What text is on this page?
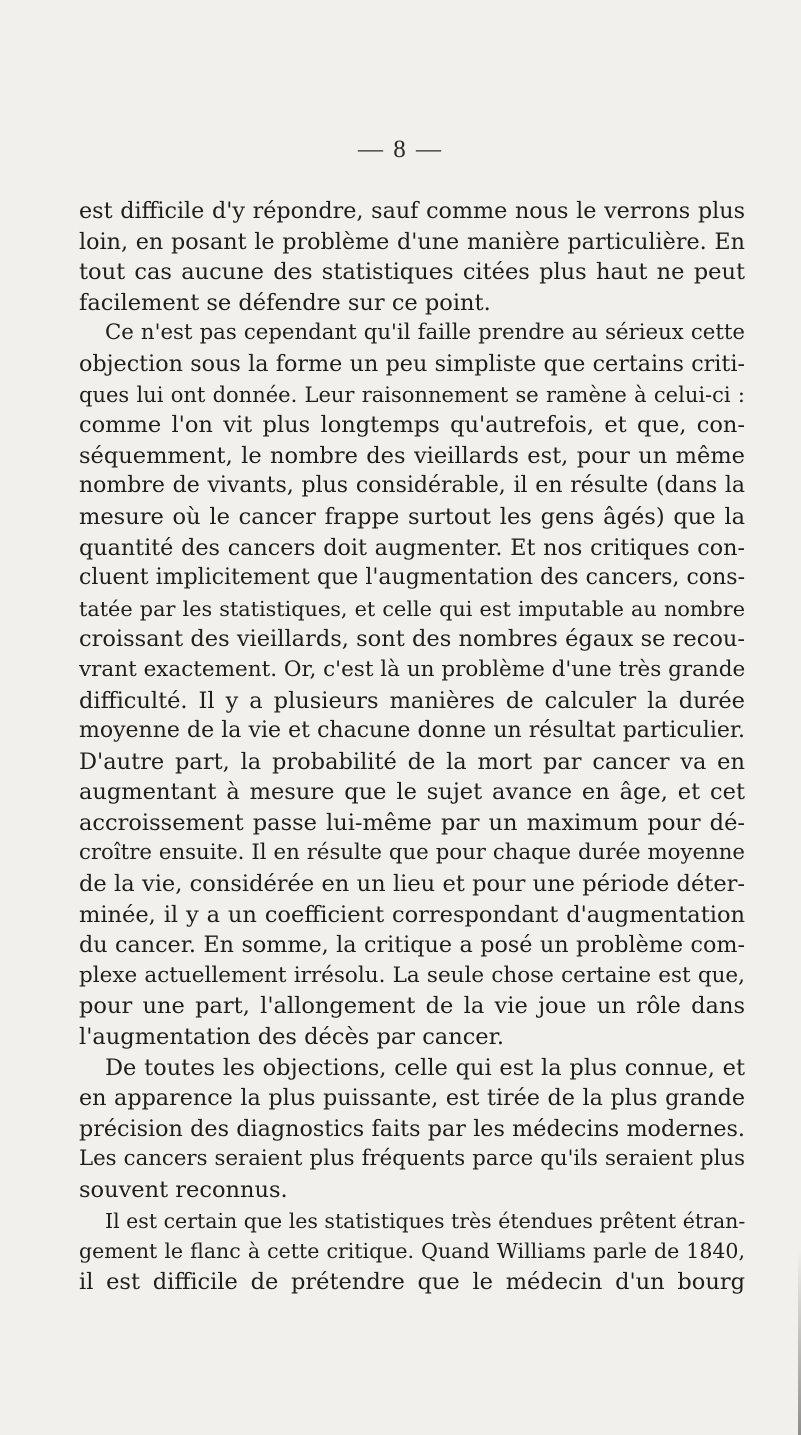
— 8 —
est difficile d'y répondre, sauf comme nous le verrons plus
loin, en posant le problème d'une manière particulière. En
tout cas aucune des statistiques citées plus haut ne peut
facilement se défendre sur ce point.
Ce n'est pas cependant qu'il faille prendre au sérieux cette
objection sous la forme un peu simpliste que certains criti-
ques lui ont donnée. Leur raisonnement se ramène à celui-ci :
comme l'on vit plus longtemps qu'autrefois, et que, con-
séquemment, le nombre des vieillards est, pour un même
nombre de vivants, plus considérable, il en résulte (dans la
mesure où le cancer frappe surtout les gens âgés) que la
quantité des cancers doit augmenter. Et nos critiques con-
cluent implicitement que l'augmentation des cancers, cons-
tatée par les statistiques, et celle qui est imputable au nombre
croissant des vieillards, sont des nombres égaux se recou-
vrant exactement. Or, c'est là un problème d'une très grande
difficulté. Il y a plusieurs manières de calculer la durée
moyenne de la vie et chacune donne un résultat particulier.
D'autre part, la probabilité de la mort par cancer va en
augmentant à mesure que le sujet avance en âge, et cet
accroissement passe lui-même par un maximum pour dé-
croître ensuite. Il en résulte que pour chaque durée moyenne
de la vie, considérée en un lieu et pour une période déter-
minée, il y a un coefficient correspondant d'augmentation
du cancer. En somme, la critique a posé un problème com-
plexe actuellement irrésolu. La seule chose certaine est que,
pour une part, l'allongement de la vie joue un rôle dans
l'augmentation des décès par cancer.
De toutes les objections, celle qui est la plus connue, et
en apparence la plus puissante, est tirée de la plus grande
précision des diagnostics faits par les médecins modernes.
Les cancers seraient plus fréquents parce qu'ils seraient plus
souvent reconnus.
Il est certain que les statistiques très étendues prêtent étran-
gement le flanc à cette critique. Quand Williams parle de 1840,
il est difficile de prétendre que le médecin d'un bourg
